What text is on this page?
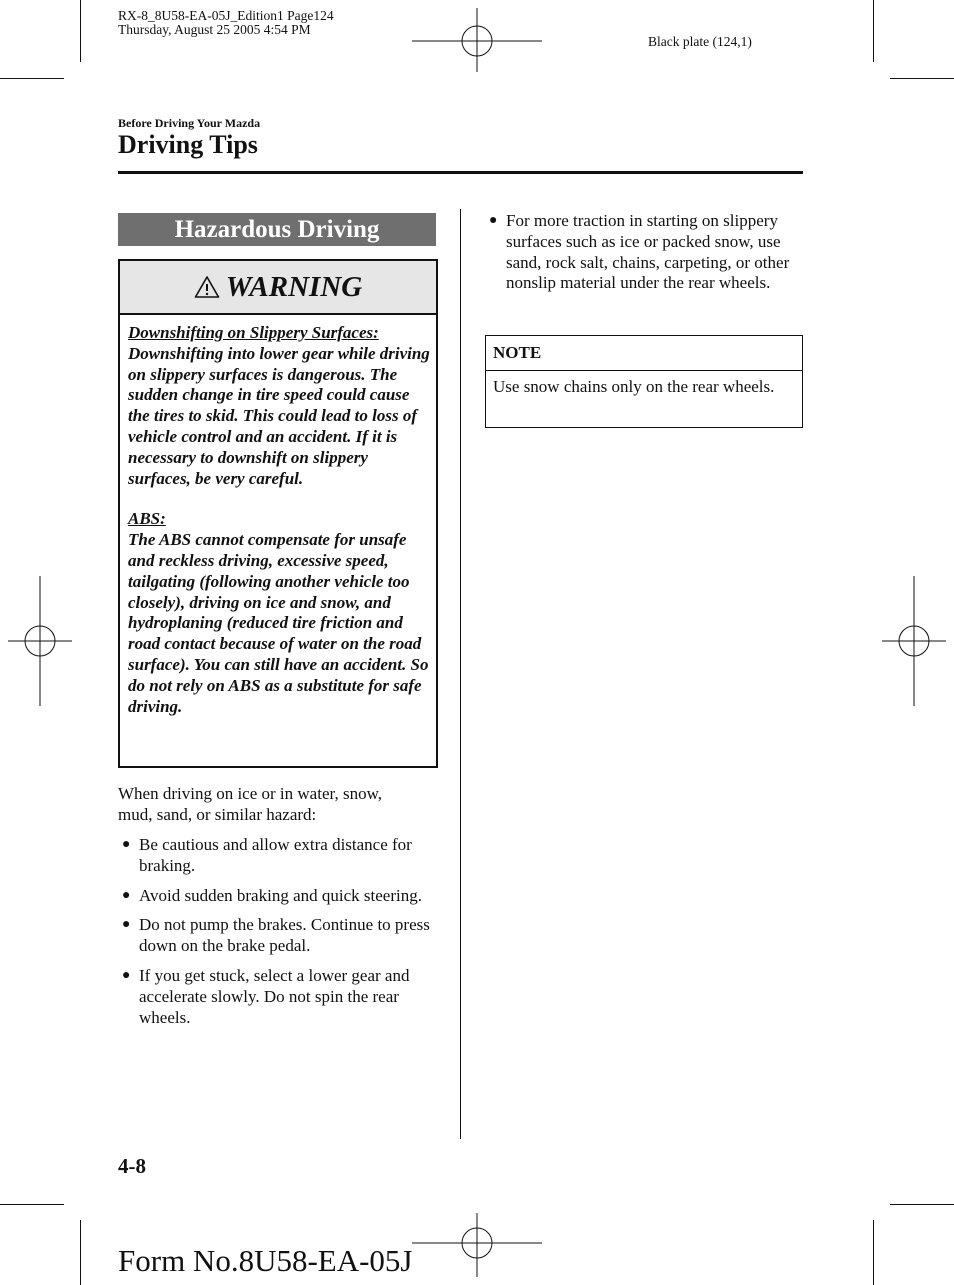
RX-8_8U58-EA-05J_Edition1 Page124
Thursday, August 25 2005 4:54 PM
Black plate (124,1)
Before Driving Your Mazda
Driving Tips
Hazardous Driving
WARNING

Downshifting on Slippery Surfaces:

Downshifting into lower gear while driving on slippery surfaces is dangerous. The sudden change in tire speed could cause the tires to skid. This could lead to loss of vehicle control and an accident. If it is necessary to downshift on slippery surfaces, be very careful.

ABS:

The ABS cannot compensate for unsafe and reckless driving, excessive speed, tailgating (following another vehicle too closely), driving on ice and snow, and hydroplaning (reduced tire friction and road contact because of water on the road surface). You can still have an accident. So do not rely on ABS as a substitute for safe driving.

When driving on ice or in water, snow, mud, sand, or similar hazard:
● Be cautious and allow extra distance for braking.
● Avoid sudden braking and quick steering.
● Do not pump the brakes. Continue to press down on the brake pedal.
● If you get stuck, select a lower gear and accelerate slowly. Do not spin the rear wheels.
● For more traction in starting on slippery surfaces such as ice or packed snow, use sand, rock salt, chains, carpeting, or other nonslip material under the rear wheels.
NOTE
Use snow chains only on the rear wheels.
4-8
Form No.8U58-EA-05J
